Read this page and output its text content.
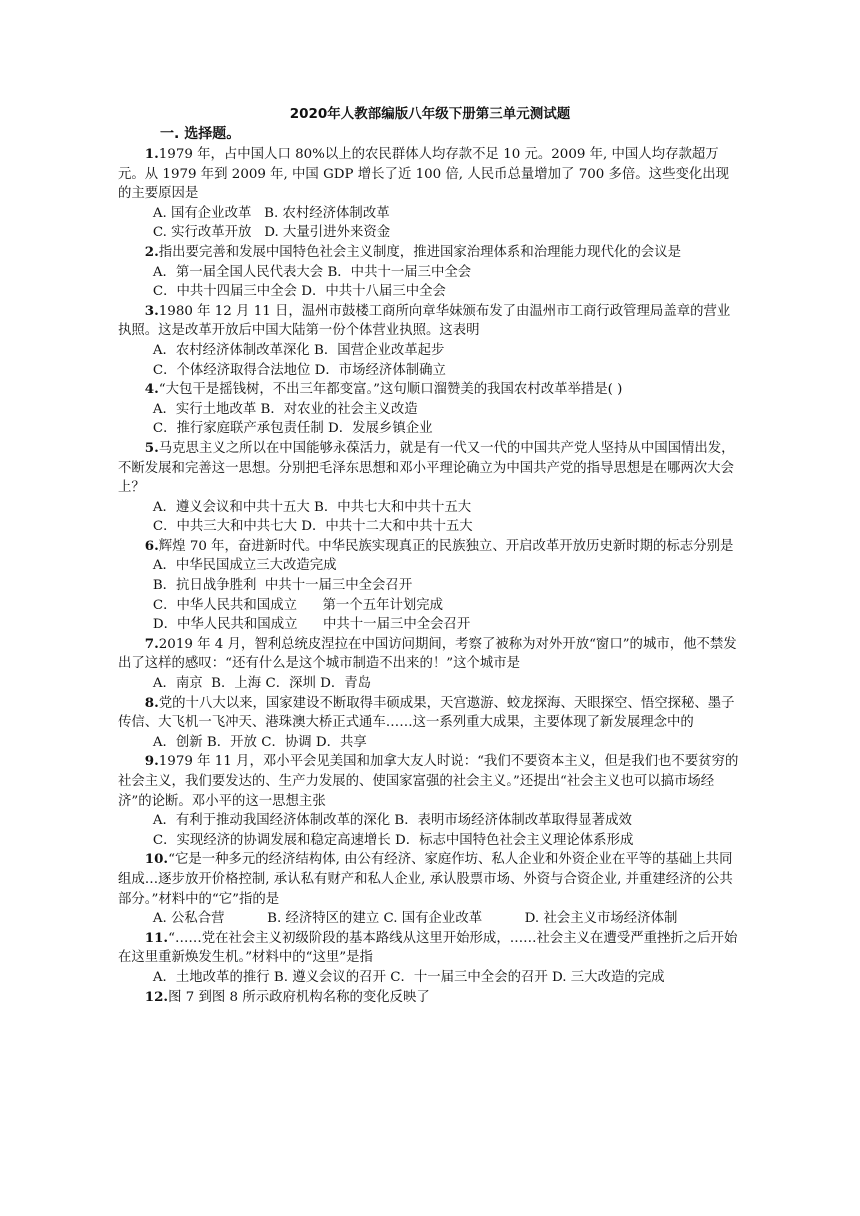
2020年人教部编版八年级下册第三单元测试题
一. 选择题。
1.1979 年，占中国人口 80%以上的农民群体人均存款不足 10 元。2009 年, 中国人均存款超万元。从 1979 年到 2009 年, 中国 GDP 增长了近 100 倍, 人民币总量增加了 700 多倍。这些变化出现的主要原因是
A. 国有企业改革   B. 农村经济体制改革
C. 实行改革开放   D. 大量引进外来资金
2.指出要完善和发展中国特色社会主义制度，推进国家治理体系和治理能力现代化的会议是
A．第一届全国人民代表大会 B．中共十一届三中全会
C．中共十四届三中全会 D．中共十八届三中全会
3.1980 年 12 月 11 日，温州市鼓楼工商所向章华妹颁布发了由温州市工商行政管理局盖章的营业执照。这是改革开放后中国大陆第一份个体营业执照。这表明
A．农村经济体制改革深化 B．国营企业改革起步
C．个体经济取得合法地位 D．市场经济体制确立
4.“大包干是摇钱树，不出三年都变富。”这句顺口溜赞美的我国农村改革举措是( )
A．实行土地改革 B．对农业的社会主义改造
C．推行家庭联产承包责任制 D．发展乡镇企业
5.马克思主义之所以在中国能够永葆活力，就是有一代又一代的中国共产党人坚持从中国国情出发，不断发展和完善这一思想。分别把毛泽东思想和邓小平理论确立为中国共产党的指导思想是在哪两次大会上？
A．遵义会议和中共十五大 B．中共七大和中共十五大
C．中共三大和中共七大 D．中共十二大和中共十五大
6.辉煌 70 年，奋进新时代。中华民族实现真正的民族独立、开启改革开放历史新时期的标志分别是
A．中华民国成立三大改造完成
B．抗日战争胜利  中共十一届三中全会召开
C．中华人民共和国成立      第一个五年计划完成
D．中华人民共和国成立      中共十一届三中全会召开
7.2019 年 4 月，智利总统皮涅拉在中国访问期间，考察了被称为对外开放“窗口”的城市，他不禁发出了这样的感叹：“还有什么是这个城市制造不出来的！”这个城市是
A．南京  B．上海 C．深圳 D．青岛
8.党的十八大以来，国家建设不断取得丰硕成果，天宫遨游、蛟龙探海、天眼探空、悟空探秘、墨子传信、大飞机一飞冲天、港珠澳大桥正式通车……这一系列重大成果，主要体现了新发展理念中的
A．创新 B．开放 C．协调 D．共享
9.1979 年 11 月，邓小平会见美国和加拿大友人时说：“我们不要资本主义，但是我们也不要贫穷的社会主义，我们要发达的、生产力发展的、使国家富强的社会主义。”还提出“社会主义也可以搞市场经济”的论断。邓小平的这一思想主张
A．有利于推动我国经济体制改革的深化 B．表明市场经济体制改革取得显著成效
C．实现经济的协调发展和稳定高速增长 D．标志中国特色社会主义理论体系形成
10.“它是一种多元的经济结构体, 由公有经济、家庭作坊、私人企业和外资企业在平等的基础上共同组成…逐步放开价格控制, 承认私有财产和私人企业, 承认股票市场、外资与合资企业, 并重建经济的公共部分。”材料中的“它”指的是
A. 公私合营          B. 经济特区的建立 C. 国有企业改革          D. 社会主义市场经济体制
11.“……党在社会主义初级阶段的基本路线从这里开始形成，……社会主义在遭受严重挫折之后开始在这里重新焕发生机。”材料中的“这里”是指
A．土地改革的推行 B. 遵义会议的召开 C．十一届三中全会的召开 D. 三大改造的完成
12.图 7 到图 8 所示政府机构名称的变化反映了
